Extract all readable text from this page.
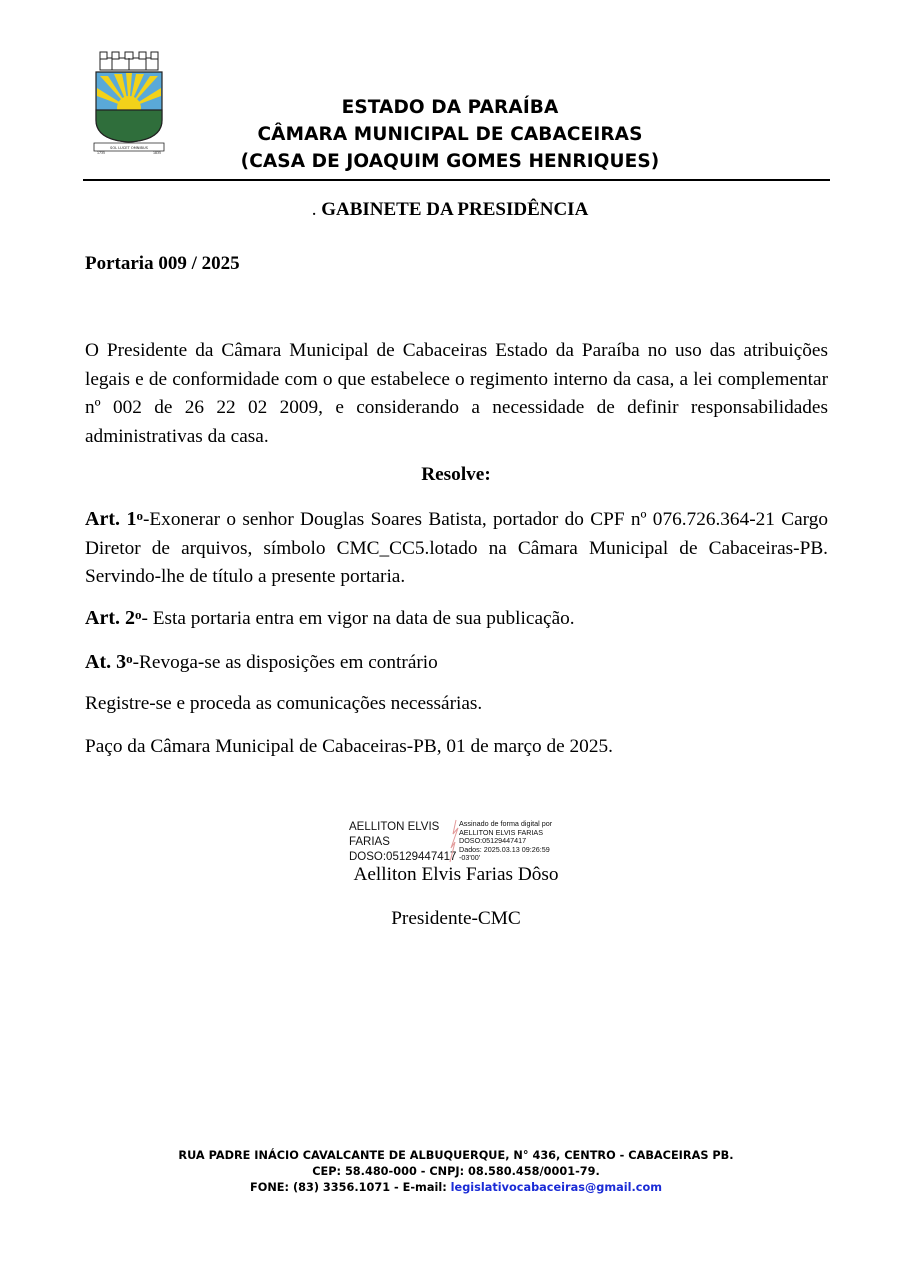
SOL LUCET OMNIBUS
1735	1835
ESTADO DA PARAÍBA
CÂMARA MUNICIPAL DE CABACEIRAS
(CASA DE JOAQUIM GOMES HENRIQUES)
. GABINETE DA PRESIDÊNCIA
Portaria 009 / 2025
O Presidente da Câmara Municipal de Cabaceiras Estado da Paraíba no uso das atribuições legais e de conformidade com o que estabelece o regimento interno da casa, a lei complementar nº 002 de 26 22 02 2009, e considerando a necessidade de definir responsabilidades administrativas da casa.
Resolve:
Art. 1$^o$-Exonerar o senhor Douglas Soares Batista, portador do CPF nº 076.726.364-21 Cargo Diretor de arquivos, símbolo CMC_CC5.lotado na Câmara Municipal de Cabaceiras-PB. Servindo-lhe de título a presente portaria.
Art. 2$^o$- Esta portaria entra em vigor na data de sua publicação.
At. 3$^o$-Revoga-se as disposições em contrário
Registre-se e proceda as comunicações necessárias.
Paço da Câmara Municipal de Cabaceiras-PB, 01 de março de 2025.
AELLITON ELVIS
FARIAS
DOSO:05129447417
Assinado de forma digital por
AELLITON ELVIS FARIAS
DOSO:05129447417
Dados: 2025.03.13 09:26:59
-03'00'
Aelliton Elvis Farias Dôso
Presidente-CMC
RUA PADRE INÁCIO CAVALCANTE DE ALBUQUERQUE, N° 436, CENTRO - CABACEIRAS PB.
CEP: 58.480-000 - CNPJ: 08.580.458/0001-79.
FONE: (83) 3356.1071 - E-mail: legislativocabaceiras@gmail.com
